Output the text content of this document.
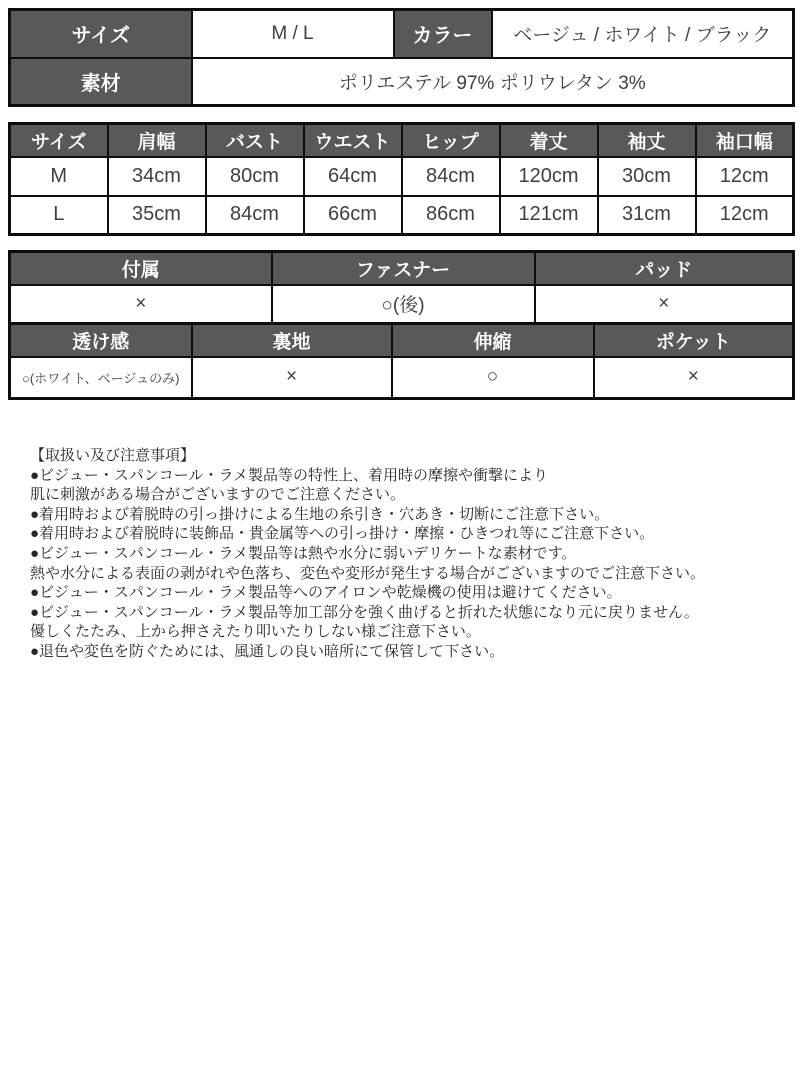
サイズ	M / L	カラー	ベージュ / ホワイト / ブラック
素材	ポリエステル 97% ポリウレタン 3%		
サイズ	肩幅	バスト	ウエスト	ヒップ	着丈	袖丈	袖口幅
M	34cm	80cm	64cm	84cm	120cm	30cm	12cm
L	35cm	84cm	66cm	86cm	121cm	31cm	12cm
付属	ファスナー	パッド
×	○(後)	×
透け感	裏地	伸縮	ポケット
○(ホワイト、ベージュのみ)	×	○	×
【取扱い及び注意事項】
●ビジュー・スパンコール・ラメ製品等の特性上、着用時の摩擦や衝撃により
肌に刺激がある場合がございますのでご注意ください。
●着用時および着脱時の引っ掛けによる生地の糸引き・穴あき・切断にご注意下さい。
●着用時および着脱時に装飾品・貴金属等への引っ掛け・摩擦・ひきつれ等にご注意下さい。
●ビジュー・スパンコール・ラメ製品等は熱や水分に弱いデリケートな素材です。
熱や水分による表面の剥がれや色落ち、変色や変形が発生する場合がございますのでご注意下さい。
●ビジュー・スパンコール・ラメ製品等へのアイロンや乾燥機の使用は避けてください。
●ビジュー・スパンコール・ラメ製品等加工部分を強く曲げると折れた状態になり元に戻りません。
優しくたたみ、上から押さえたり叩いたりしない様ご注意下さい。
●退色や変色を防ぐためには、風通しの良い暗所にて保管して下さい。
